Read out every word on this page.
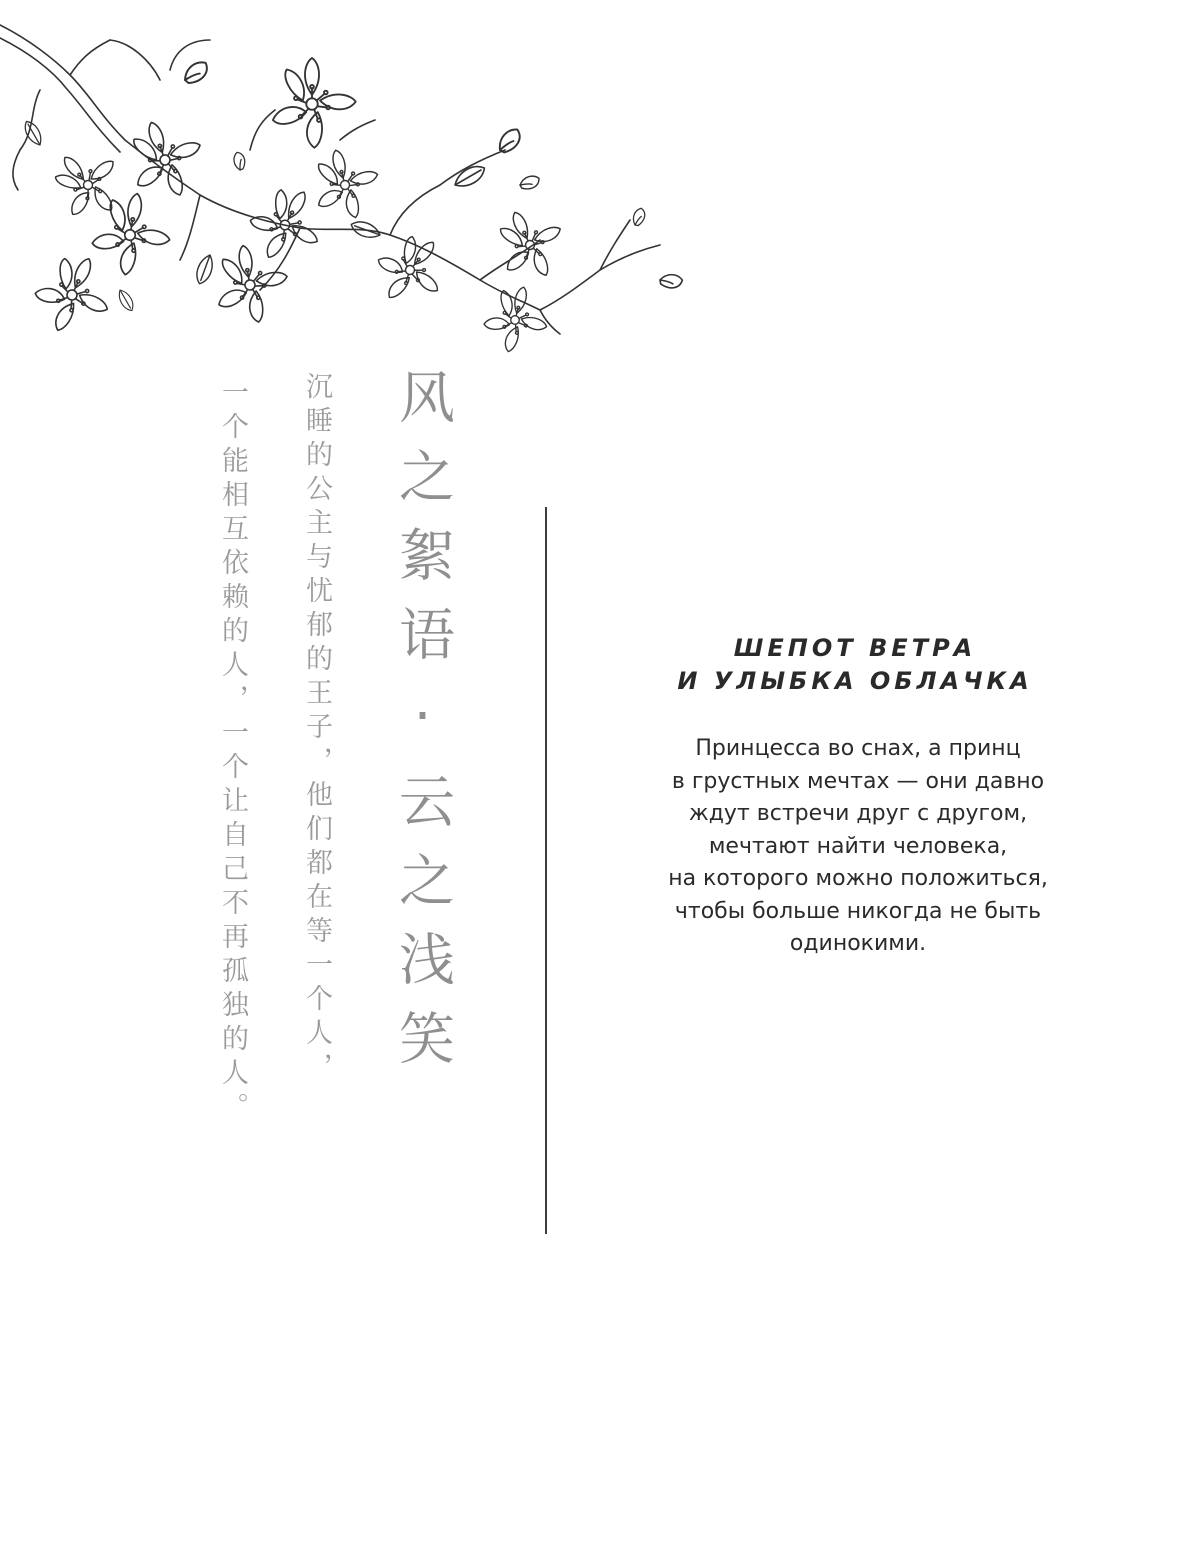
风之絮语·云之浅笑
沉睡的公主与忧郁的王子，他们都在等一个人，
一个能相互依赖的人，一个让自己不再孤独的人。	ШЕПОТ ВЕТРА
И УЛЫБКА ОБЛАЧКА
Принцесса во снах, а принц
в грустных мечтах — они давно
ждут встречи друг с другом,
мечтают найти человека,
на которого можно положиться,
чтобы больше никогда не быть
одинокими.
